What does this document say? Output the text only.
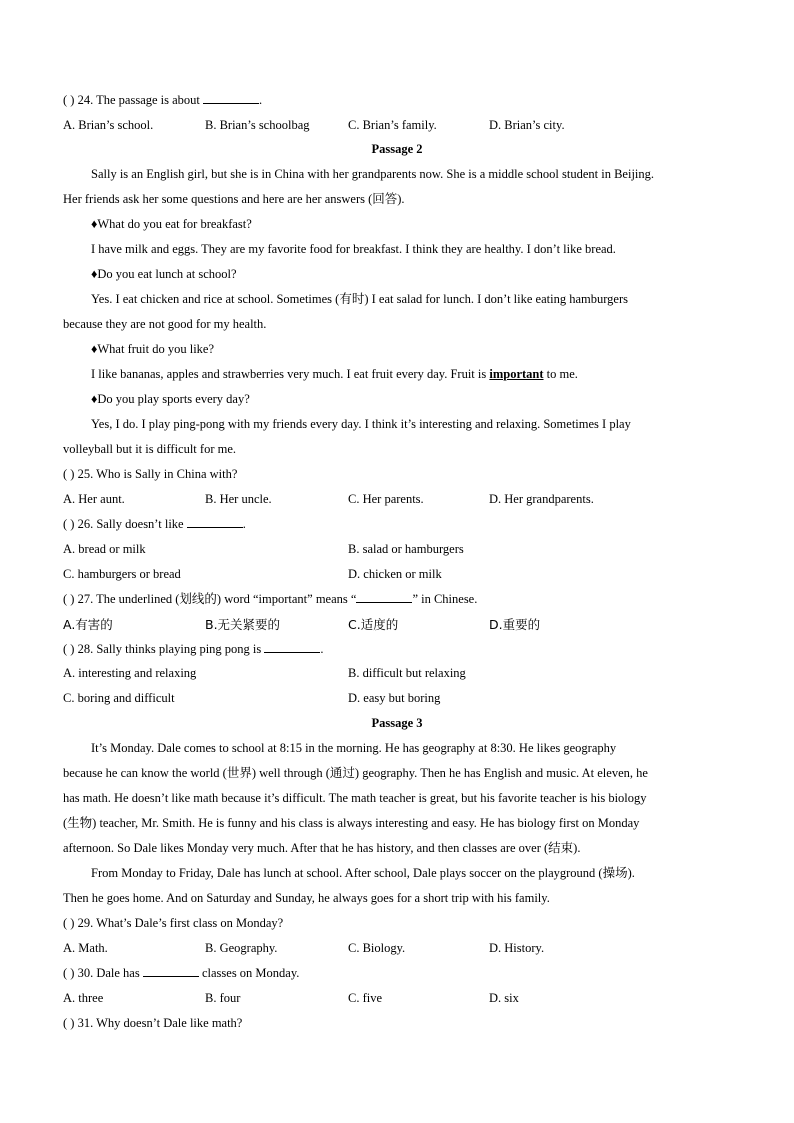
( ) 24. The passage is about	.
A. Brian’s school.	B. Brian’s schoolbag	C. Brian’s family.	D. Brian’s city.
Passage 2
Sally is an English girl, but she is in China with her grandparents now. She is a middle school student in Beijing.
Her friends ask her some questions and here are her answers (回答).
♦What do you eat for breakfast?
I have milk and eggs. They are my favorite food for breakfast. I think they are healthy. I don’t like bread.
♦Do you eat lunch at school?
Yes. I eat chicken and rice at school. Sometimes (有时) I eat salad for lunch. I don’t like eating hamburgers
because they are not good for my health.
♦What fruit do you like?
I like bananas, apples and strawberries very much. I eat fruit every day. Fruit is important to me.
♦Do you play sports every day?
Yes, I do. I play ping-pong with my friends every day. I think it’s interesting and relaxing. Sometimes I play
volleyball but it is difficult for me.
( ) 25. Who is Sally in China with?
A. Her aunt.	B. Her uncle.	C. Her parents.	D. Her grandparents.
( ) 26. Sally doesn’t like	.
A. bread or milk	B. salad or hamburgers
C. hamburgers or bread	D. chicken or milk
( ) 27. The underlined (划线的) word “important” means “	” in Chinese.
A.有害的	B.无关紧要的	C.适度的	D.重要的
( ) 28. Sally thinks playing ping pong is	.
A. interesting and relaxing	B. difficult but relaxing
C. boring and difficult	D. easy but boring
Passage 3
It’s Monday. Dale comes to school at 8:15 in the morning. He has geography at 8:30. He likes geography
because he can know the world (世界) well through (通过) geography. Then he has English and music. At eleven, he
has math. He doesn’t like math because it’s difficult. The math teacher is great, but his favorite teacher is his biology
(生物) teacher, Mr. Smith. He is funny and his class is always interesting and easy. He has biology first on Monday
afternoon. So Dale likes Monday very much. After that he has history, and then classes are over (结束).
From Monday to Friday, Dale has lunch at school. After school, Dale plays soccer on the playground (操场).
Then he goes home. And on Saturday and Sunday, he always goes for a short trip with his family.
( ) 29. What’s Dale’s first class on Monday?
A. Math.	B. Geography.	C. Biology.	D. History.
( ) 30. Dale has	classes on Monday.
A. three	B. four	C. five	D. six
( ) 31. Why doesn’t Dale like math?
